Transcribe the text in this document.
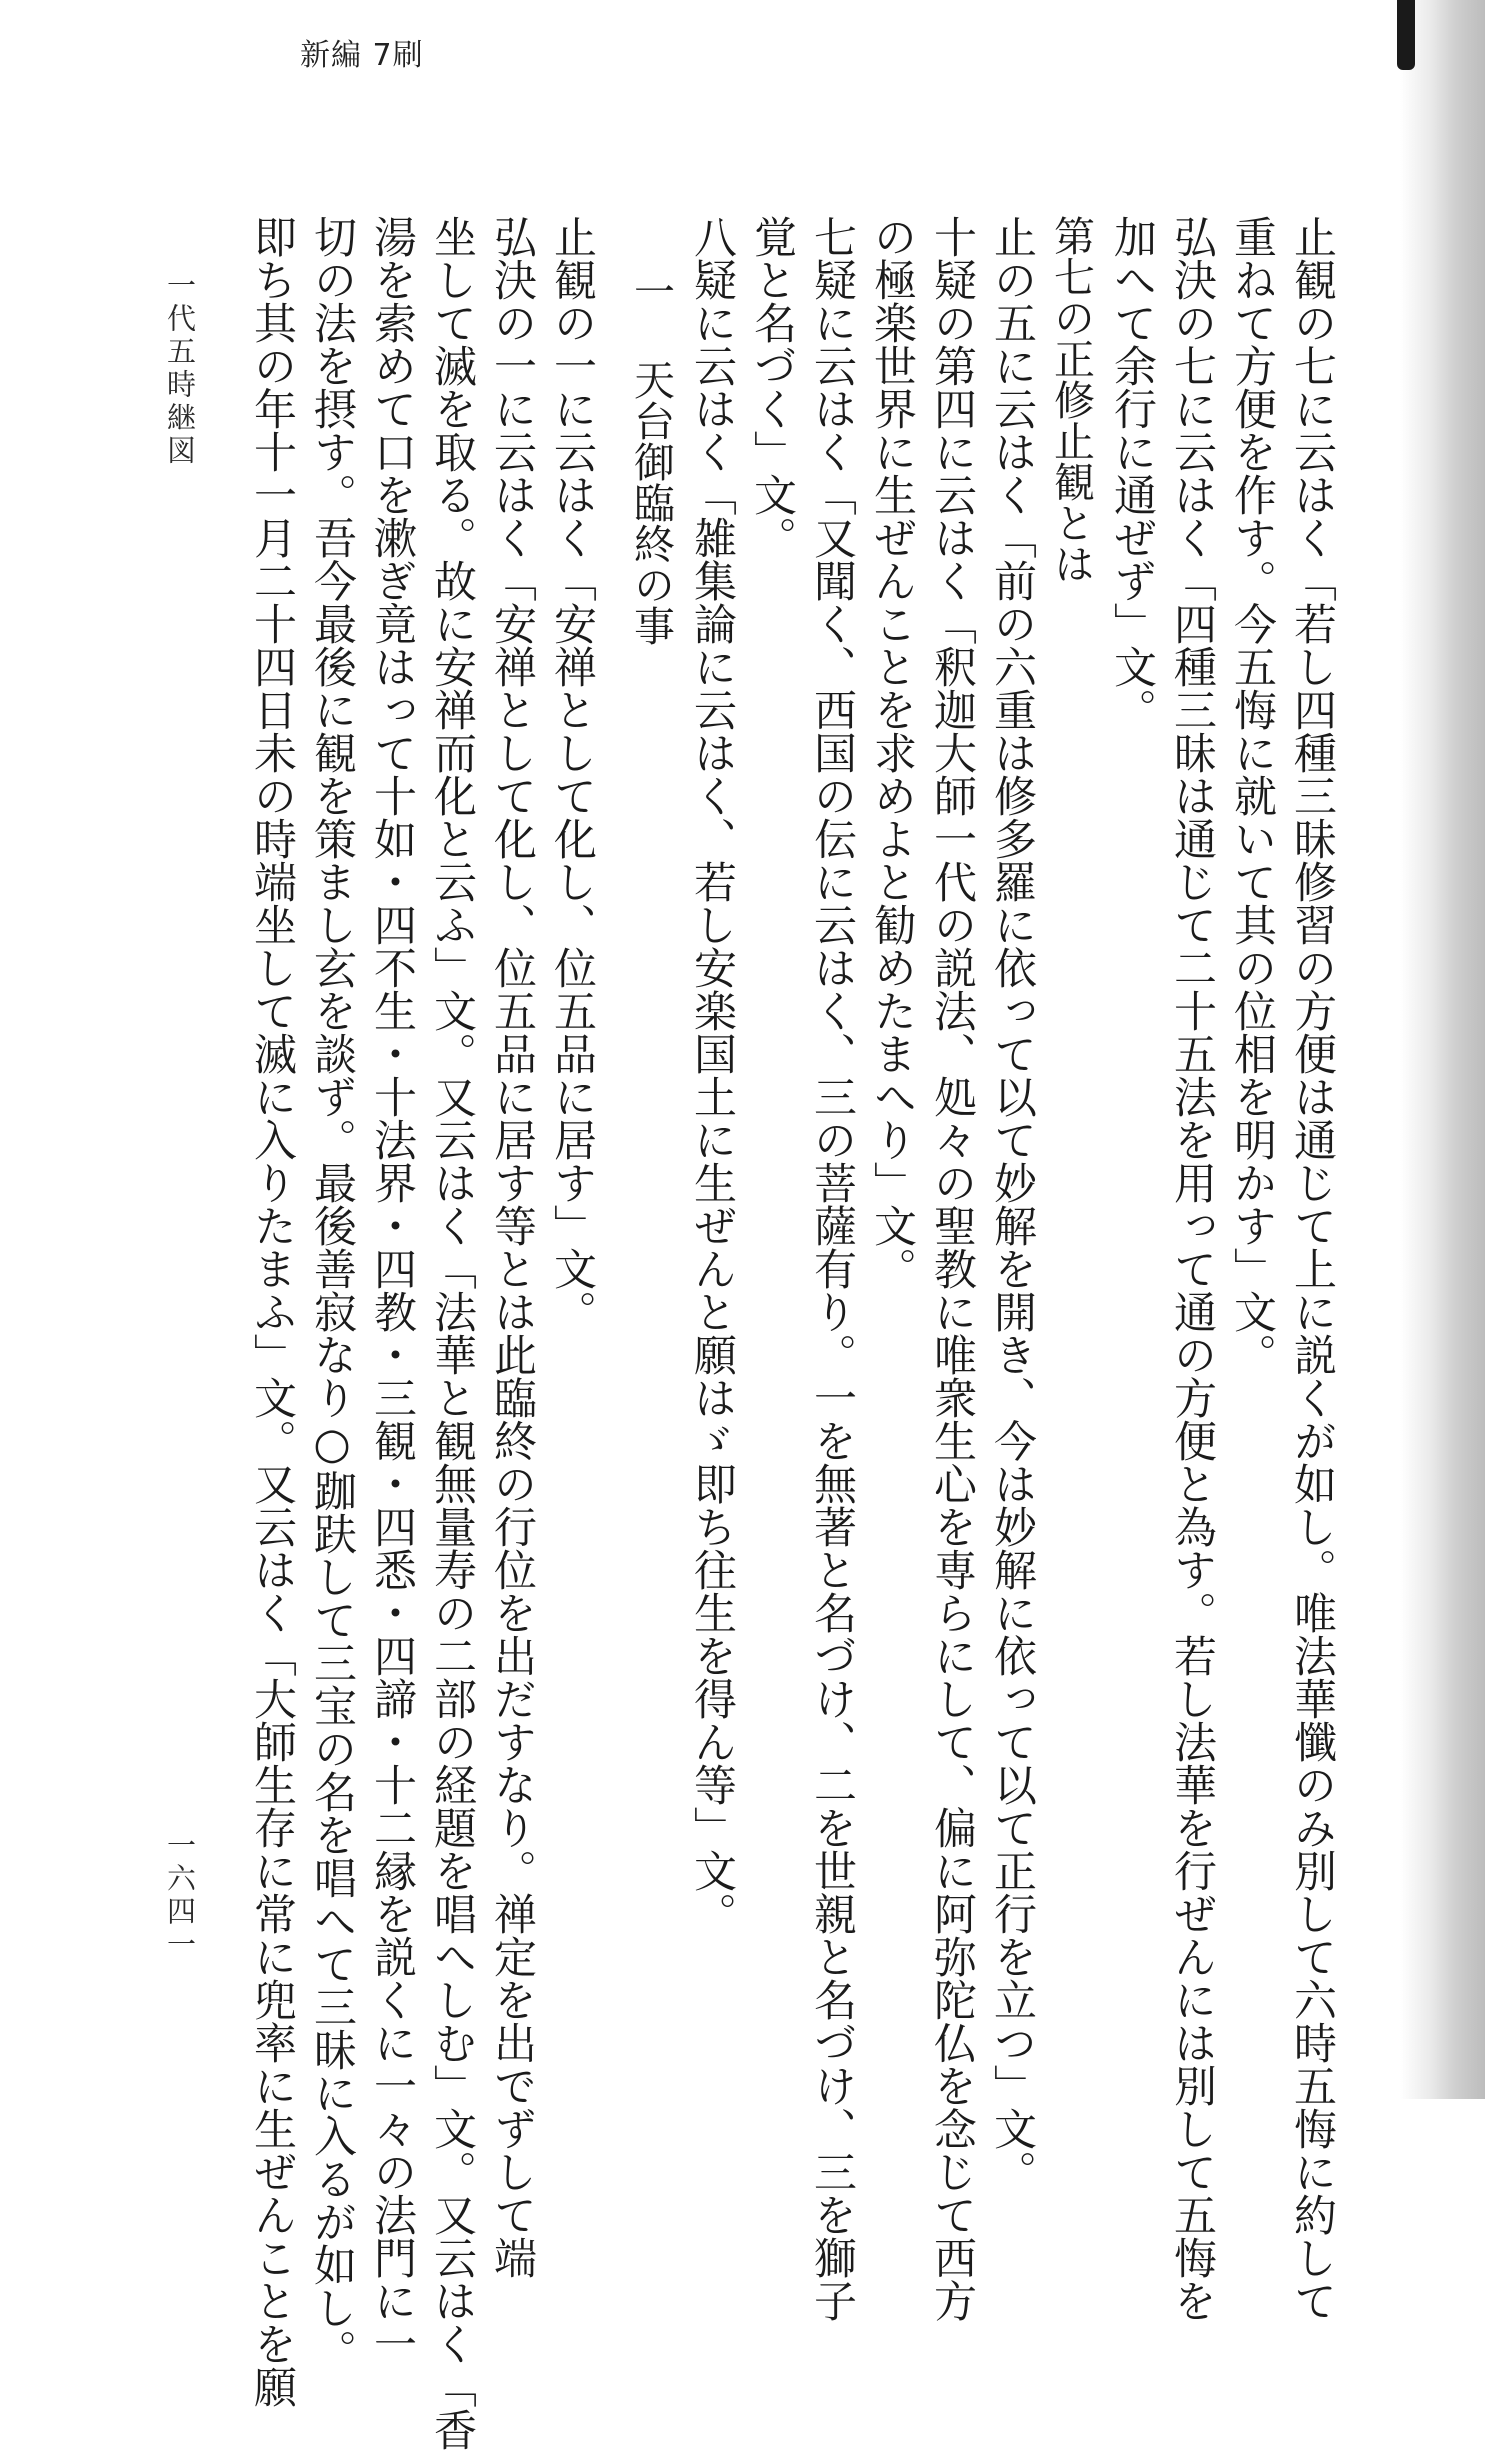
新編 7刷
止観の七に云はく「若し四種三昧修習の方便は通じて上に説くが如し。唯法華懺のみ別して六時五悔に約して
重ねて方便を作す。今五悔に就いて其の位相を明かす」文。
弘決の七に云はく「四種三昧は通じて二十五法を用って通の方便と為す。若し法華を行ぜんには別して五悔を
加へて余行に通ぜず」文。
第七の正修止観とは
止の五に云はく「前の六重は修多羅に依って以て妙解を開き、今は妙解に依って以て正行を立つ」文。
十疑の第四に云はく「釈迦大師一代の説法、処々の聖教に唯衆生心を専らにして、偏に阿弥陀仏を念じて西方
の極楽世界に生ぜんことを求めよと勧めたまへり」文。
七疑に云はく「又聞く、西国の伝に云はく、三の菩薩有り。一を無著と名づけ、二を世親と名づけ、三を獅子
覚と名づく」文。
八疑に云はく「雑集論に云はく、若し安楽国土に生ぜんと願はゞ即ち往生を得ん等」文。
一 天台御臨終の事
止観の一に云はく「安禅として化し、位五品に居す」文。
弘決の一に云はく「安禅として化し、位五品に居す等とは此臨終の行位を出だすなり。禅定を出でずして端
坐して滅を取る。故に安禅而化と云ふ」文。又云はく「法華と観無量寿の二部の経題を唱へしむ」文。又云はく「香
湯を索めて口を漱ぎ竟はって十如・四不生・十法界・四教・三観・四悉・四諦・十二縁を説くに一々の法門に一
切の法を摂す。吾今最後に観を策まし玄を談ず。最後善寂なり○跏趺して三宝の名を唱へて三昧に入るが如し。
即ち其の年十一月二十四日未の時端坐して滅に入りたまふ」文。又云はく「大師生存に常に兜率に生ぜんことを願
一代五時継図
一六四一
